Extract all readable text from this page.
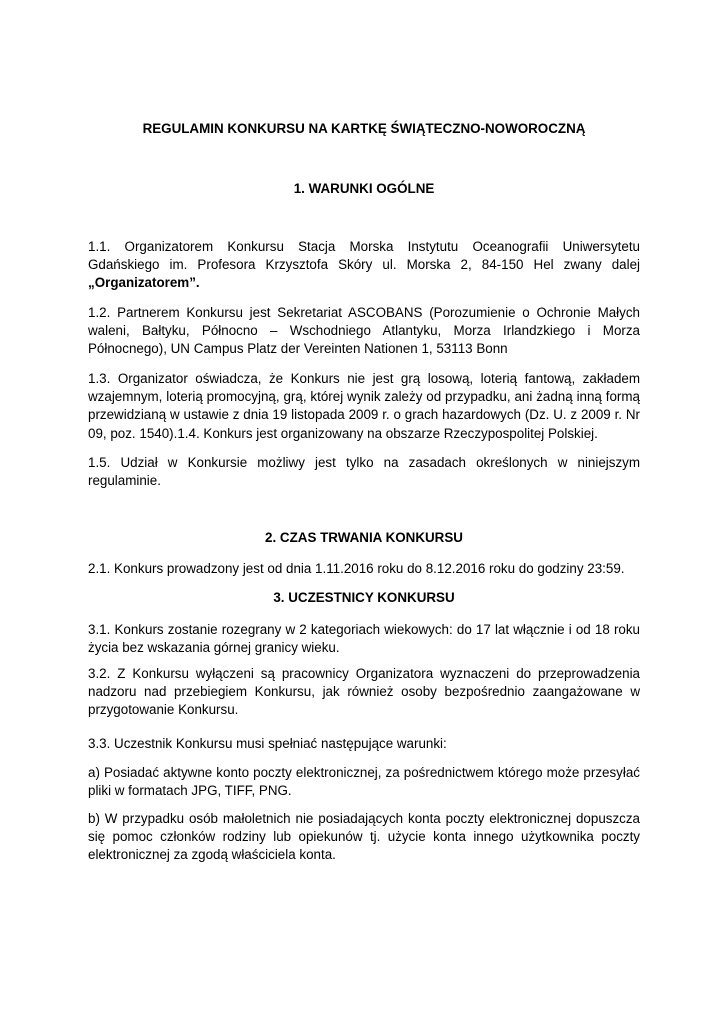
REGULAMIN KONKURSU NA KARTKĘ ŚWIĄTECZNO-NOWOROCZNĄ
1. WARUNKI OGÓLNE

1.1. Organizatorem Konkursu Stacja Morska Instytutu Oceanografii Uniwersytetu Gdańskiego im. Profesora Krzysztofa Skóry ul. Morska 2, 84-150 Hel zwany dalej „Organizatorem”.

1.2. Partnerem Konkursu jest Sekretariat ASCOBANS (Porozumienie o Ochronie Małych waleni, Bałtyku, Północno – Wschodniego Atlantyku, Morza Irlandzkiego i Morza Północnego), UN Campus Platz der Vereinten Nationen 1, 53113 Bonn

1.3. Organizator oświadcza, że Konkurs nie jest grą losową, loterią fantową, zakładem wzajemnym, loterią promocyjną, grą, której wynik zależy od przypadku, ani żadną inną formą przewidzianą w ustawie z dnia 19 listopada 2009 r. o grach hazardowych (Dz. U. z 2009 r. Nr 09, poz. 1540).1.4. Konkurs jest organizowany na obszarze Rzeczypospolitej Polskiej.

1.5. Udział w Konkursie możliwy jest tylko na zasadach określonych w niniejszym regulaminie.

2. CZAS TRWANIA KONKURSU

2.1. Konkurs prowadzony jest od dnia 1.11.2016 roku do 8.12.2016 roku do godziny 23:59.

3. UCZESTNICY KONKURSU

3.1. Konkurs zostanie rozegrany w 2 kategoriach wiekowych: do 17 lat włącznie i od 18 roku życia bez wskazania górnej granicy wieku.

3.2. Z Konkursu wyłączeni są pracownicy Organizatora wyznaczeni do przeprowadzenia nadzoru nad przebiegiem Konkursu, jak również osoby bezpośrednio zaangażowane w przygotowanie Konkursu.

3.3. Uczestnik Konkursu musi spełniać następujące warunki:

a) Posiadać aktywne konto poczty elektronicznej, za pośrednictwem którego może przesyłać pliki w formatach JPG, TIFF, PNG.

b) W przypadku osób małoletnich nie posiadających konta poczty elektronicznej dopuszcza się pomoc członków rodziny lub opiekunów tj. użycie konta innego użytkownika poczty elektronicznej za zgodą właściciela konta.
